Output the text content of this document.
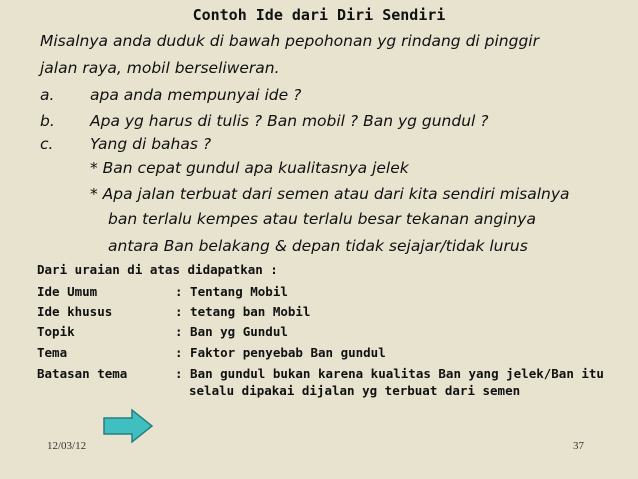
Contoh Ide dari Diri Sendiri
Misalnya anda duduk di bawah pepohonan yg rindang di pinggir
jalan raya, mobil berseliweran.
a. apa anda mempunyai ide ?
b. Apa yg harus di tulis ? Ban mobil ? Ban yg gundul ?
c. Yang di bahas ?
* Ban cepat gundul apa kualitasnya jelek
* Apa jalan terbuat dari semen atau dari kita sendiri misalnya
ban terlalu kempes atau terlalu besar tekanan anginya
antara Ban belakang & depan tidak sejajar/tidak lurus
Dari uraian di atas didapatkan :
Ide Umum	: Tentang Mobil
Ide khusus	: tetang ban Mobil
Topik	: Ban yg Gundul
Tema	: Faktor penyebab Ban gundul
Batasan tema	: Ban gundul bukan karena kualitas Ban yang jelek/Ban itu
selalu dipakai dijalan yg terbuat dari semen
12/03/12	37
